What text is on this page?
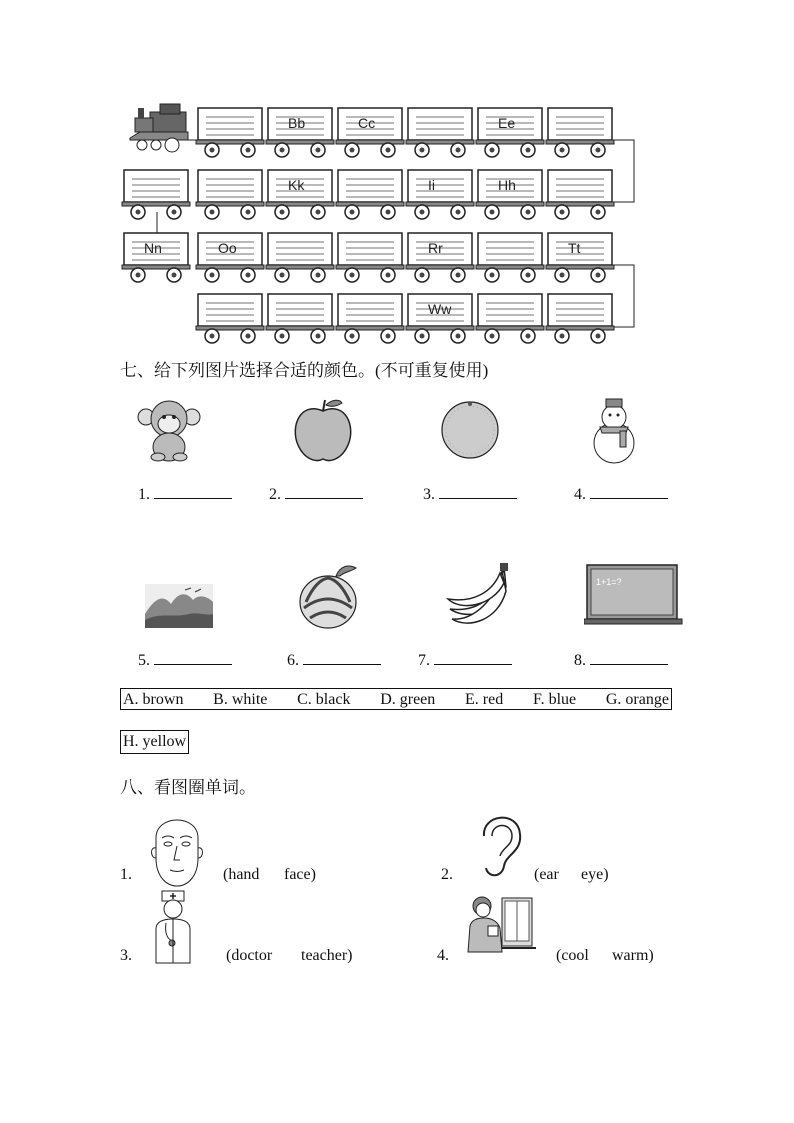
Bb	Cc	Ee
Kk	Ii	Hh
Nn	Oo	Rr	Tt
Ww
七、给下列图片选择合适的颜色。(不可重复使用)
1.	2.	3.	4.
1+1=?
5.	6.	7.	8.
A. brown B. white C. black D. green E. red F. blue G. orange
H. yellow
八、看图圈单词。
1.	(hand face)	2.	(ear eye)
3.	(doctor teacher)	4.	(cool warm)
